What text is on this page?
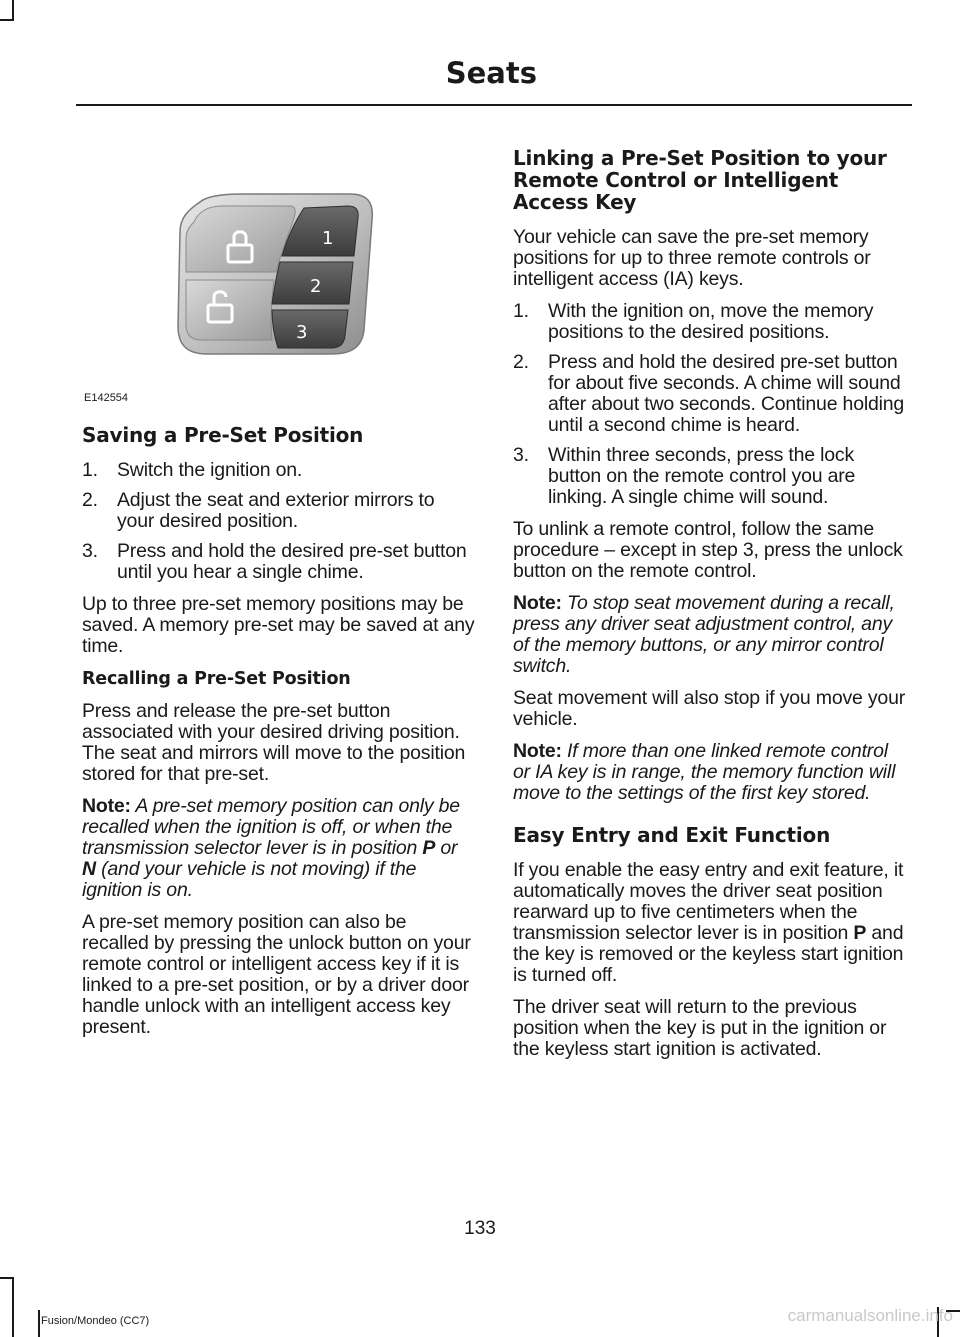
Seats
1
2
3
E142554
Saving a Pre-Set Position
1. Switch the ignition on.
2. Adjust the seat and exterior mirrors to your desired position.
3. Press and hold the desired pre-set button until you hear a single chime.

Up to three pre-set memory positions may be saved. A memory pre-set may be saved at any time.

Recalling a Pre-Set Position

Press and release the pre-set button associated with your desired driving position. The seat and mirrors will move to the position stored for that pre-set.

Note: A pre-set memory position can only be recalled when the ignition is off, or when the transmission selector lever is in position P or N (and your vehicle is not moving) if the ignition is on.

A pre-set memory position can also be recalled by pressing the unlock button on your remote control or intelligent access key if it is linked to a pre-set position, or by a driver door handle unlock with an intelligent access key present.

Linking a Pre-Set Position to your Remote Control or Intelligent Access Key

Your vehicle can save the pre-set memory positions for up to three remote controls or intelligent access (IA) keys.

1. With the ignition on, move the memory positions to the desired positions.
2. Press and hold the desired pre-set button for about five seconds. A chime will sound after about two seconds. Continue holding until a second chime is heard.
3. Within three seconds, press the lock button on the remote control you are linking. A single chime will sound.

To unlink a remote control, follow the same procedure – except in step 3, press the unlock button on the remote control.

Note: To stop seat movement during a recall, press any driver seat adjustment control, any of the memory buttons, or any mirror control switch.

Seat movement will also stop if you move your vehicle.

Note: If more than one linked remote control or IA key is in range, the memory function will move to the settings of the first key stored.

Easy Entry and Exit Function

If you enable the easy entry and exit feature, it automatically moves the driver seat position rearward up to five centimeters when the transmission selector lever is in position P and the key is removed or the keyless start ignition is turned off.

The driver seat will return to the previous position when the key is put in the ignition or the keyless start ignition is activated.

133
Fusion/Mondeo (CC7)	carmanualsonline.info
